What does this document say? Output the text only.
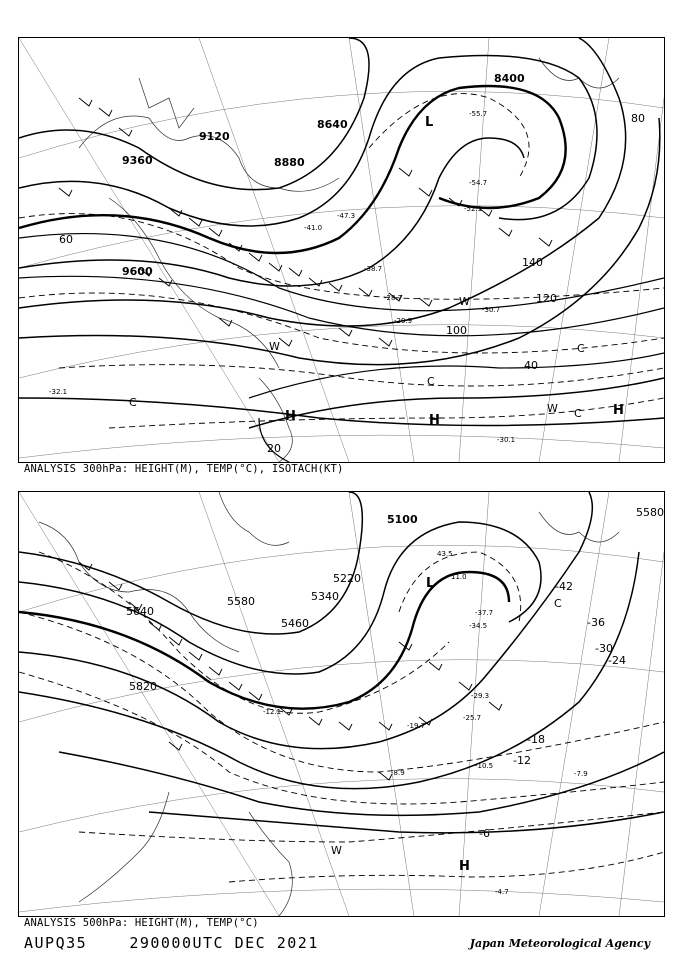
9600
9360
9120
8880
8640
8400
20
40
60
80
100
120
140
L
H	H
H
W
W
W
C
C
C
C
-54.7
-55.7
-52.1
-47.3
-41.0
-38.7
-28.7
-29.9
-32.1
-30.7
-30.1
ANALYSIS 300hPa: HEIGHT(M), TEMP(°C), ISOTACH(KT)
5820
5640
5580
5460
5340
5220
5100
5580
-42
-36
-30
-24
-18
-12
-6
L
H
W
C
43.5
11.0
-37.7
-34.5
-29.3
-25.7
-19.7
-12.1
-10.5
-8.9	-7.9
-4.7
ANALYSIS 500hPa: HEIGHT(M), TEMP(°C)
AUPQ35	290000UTC DEC 2021	Japan Meteorological Agency
